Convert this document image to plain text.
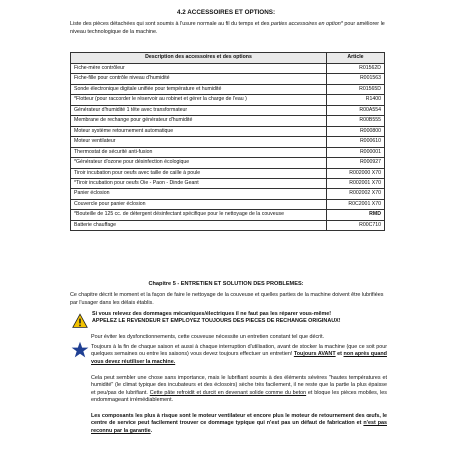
4.2 ACCESSOIRES ET OPTIONS:
Liste des pièces détachées qui sont soumis à l'usure normale au fil du temps et des parties accessoires en option* pour améliorer le niveau technologique de la machine.
Description des accessoires et des options	Article
Fiche-mère contrôleur	R01562D
Fiche-fille pour contrôle niveau d'humidité	R001563
Sonde électronique digitale unifiée pour température et humidité	R01565D
*Flotteur (pour raccorder le réservoir au robinet et gérer la charge de l'eau )	R1400
Générateur d'humidité 1 tête avec transformateur	R00A554
Membrane de rechange pour générateur d'humidité	R00B555
Moteur système retournement automatique	R000800
Moteur ventilateur	R000610
Thermostat de sécurité anti-fusion	R000001
*Générateur d'ozone pour désinfection écologique	R000927
Tiroir incubation pour oeufs avec taille de caille à poule	R002000 X70
*Tiroir incubation pour oeufs Oie - Paon - Dinde Geant	R002001 X70
Panier éclosion	R002002 X70
Couvercle pour panier éclosion	R0C2001 X70
*Bouteille de 125 cc. de détergent désinfectant spécifique pour le nettoyage de la couveuse	RMD
Batterie chauffage	R00C710
Chapitre 5 - ENTRETIEN ET SOLUTION DES PROBLEMES:
Ce chapitre décrit le moment et la façon de faire le nettoyage de la couveuse et quelles parties de la machine doivent être lubrifiées par l'usager dans les délais établis.
Si vous relevez des dommages mécaniques/électriques il ne faut pas les réparer vous-même!
APPELEZ LE REVENDEUR ET EMPLOYEZ TOUJOURS DES PIECES DE RECHANGE ORIGINAUX!
Pour éviter les dysfonctionnements, cette couveuse nécessite un entretien constant tel que décrit.
Toujours à la fin de chaque saison et aussi à chaque interruption d'utilisation, avant de stocker la machine (que ce soit pour quelques semaines ou entre les saisons) vous devez toujours effectuer un entretien! Toujours AVANT et non après quand vous devez réutiliser la machine.
Cela peut sembler une chose sans importance, mais le lubrifiant soumis à des éléments sévères "hautes températures et humidité" (le climat typique des incubateurs et des éclosoirs) sèche très facilement, il ne reste que la partie la plus épaisse et peu/pas de lubrifiant. Cette pâte refroidit et durcit en devenant solide comme du beton et bloque les pièces mobiles, les endommageant irrémédiablement.
Les composants les plus à risque sont le moteur ventilateur et encore plus le moteur de retournement des œufs, le centre de service peut facilement trouver ce dommage typique qui n'est pas un défaut de fabrication et n'est pas reconnu par la garantie.
